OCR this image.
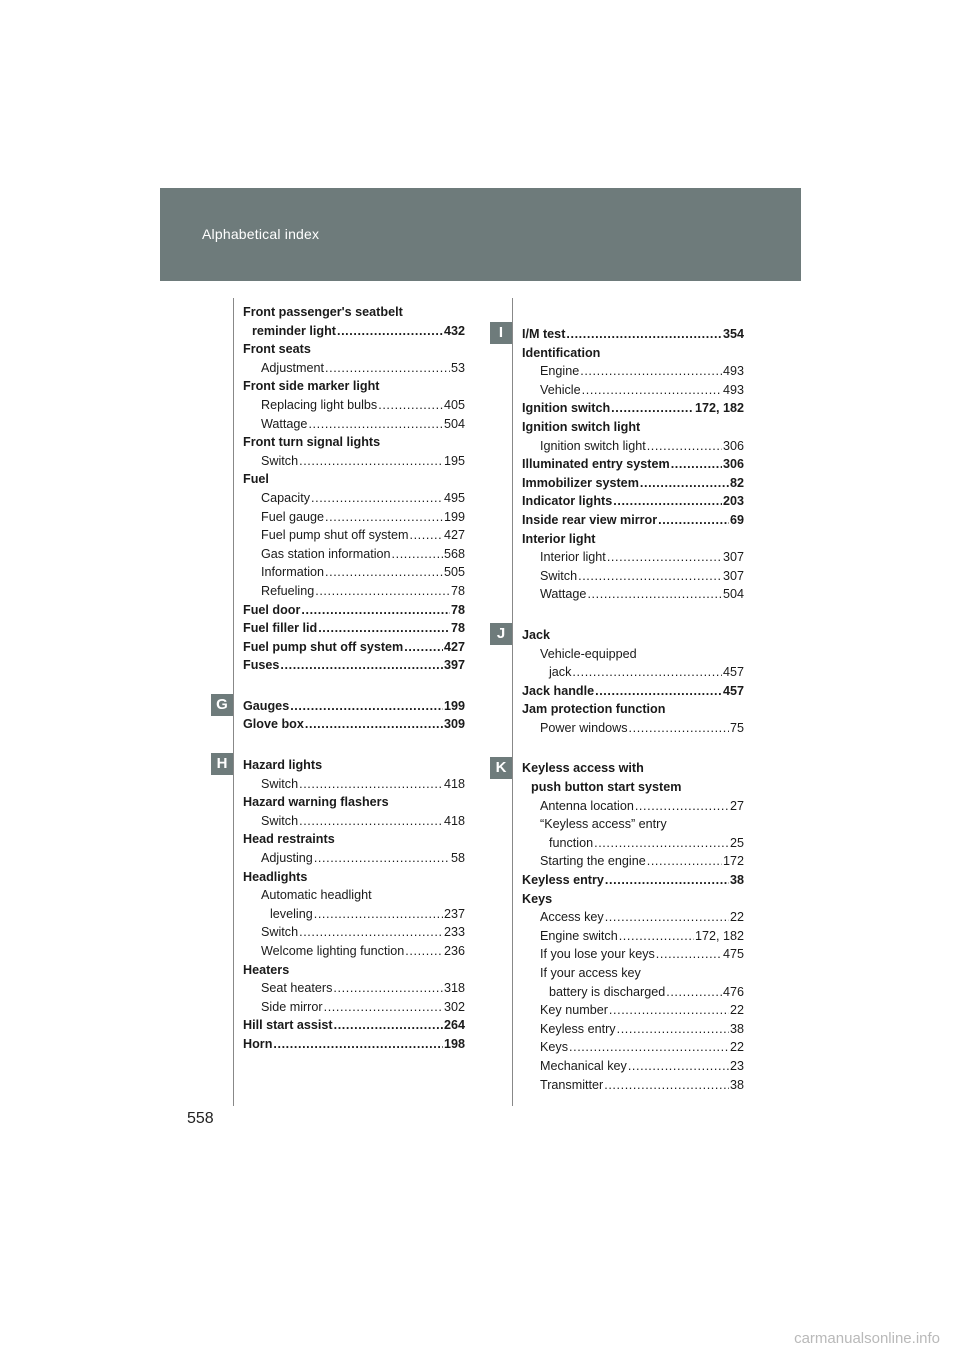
Alphabetical index
Front passenger's seatbelt
reminder light .....	432
Front seats
Adjustment .....	53
Front side marker light
Replacing light bulbs .....	405
Wattage .....	504
Front turn signal lights
Switch .....	195
Fuel
Capacity .....	495
Fuel gauge .....	199
Fuel pump shut off system .....	427
Gas station information .....	568
Information .....	505
Refueling .....	78
Fuel door .....	78
Fuel filler lid .....	78
Fuel pump shut off system .....	427
Fuses .....	397
Gauges .....	199
Glove box .....	309
Hazard lights
Switch .....	418
Hazard warning flashers
Switch .....	418
Head restraints
Adjusting .....	58
Headlights
Automatic headlight
leveling .....	237
Switch .....	233
Welcome lighting function .....	236
Heaters
Seat heaters .....	318
Side mirror .....	302
Hill start assist .....	264
Horn .....	198
I/M test .....	354
Identification
Engine .....	493
Vehicle .....	493
Ignition switch .....	172, 182
Ignition switch light
Ignition switch light .....	306
Illuminated entry system .....	306
Immobilizer system .....	82
Indicator lights .....	203
Inside rear view mirror .....	69
Interior light
Interior light .....	307
Switch .....	307
Wattage .....	504
Jack
Vehicle-equipped
jack .....	457
Jack handle .....	457
Jam protection function
Power windows .....	75
Keyless access with
push button start system
Antenna location .....	27
“Keyless access” entry
function .....	25
Starting the engine .....	172
Keyless entry .....	38
Keys
Access key .....	22
Engine switch .....	172, 182
If you lose your keys .....	475
If your access key
battery is discharged .....	476
Key number .....	22
Keyless entry .....	38
Keys .....	22
Mechanical key .....	23
Transmitter .....	38
558
carmanualsonline.info
G
H
I
J
K
